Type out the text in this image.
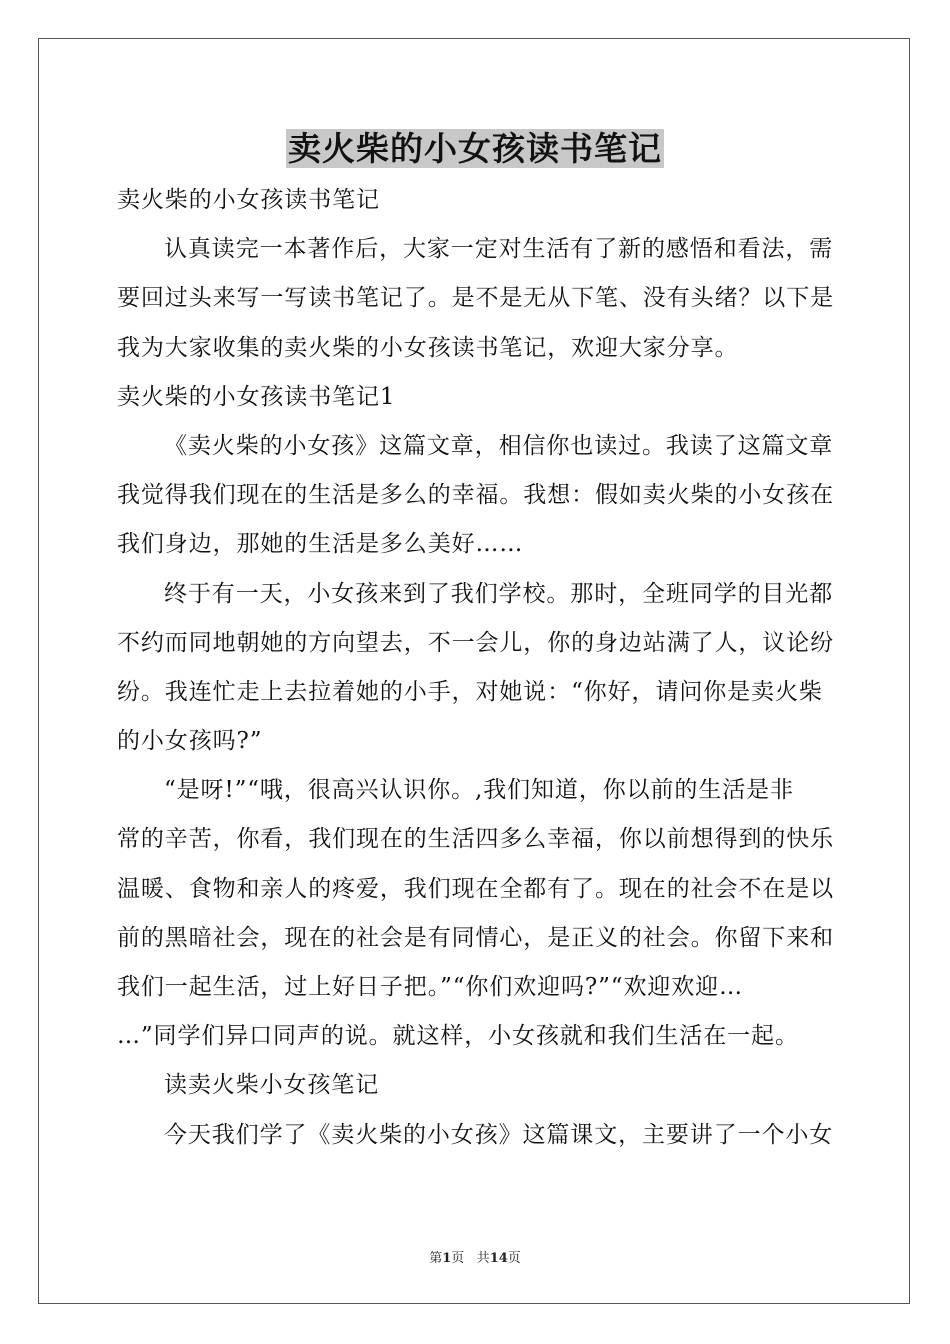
卖火柴的小女孩读书笔记
卖火柴的小女孩读书笔记
认真读完一本著作后，大家一定对生活有了新的感悟和看法，需
要回过头来写一写读书笔记了。是不是无从下笔、没有头绪？以下是
我为大家收集的卖火柴的小女孩读书笔记，欢迎大家分享。
卖火柴的小女孩读书笔记1
《卖火柴的小女孩》这篇文章，相信你也读过。我读了这篇文章
我觉得我们现在的生活是多么的幸福。我想：假如卖火柴的小女孩在
我们身边，那她的生活是多么美好……
终于有一天，小女孩来到了我们学校。那时，全班同学的目光都
不约而同地朝她的方向望去，不一会儿，你的身边站满了人，议论纷
纷。我连忙走上去拉着她的小手，对她说：“你好，请问你是卖火柴
的小女孩吗?”
“是呀!”“哦，很高兴认识你。,我们知道，你以前的生活是非
常的辛苦，你看，我们现在的生活四多么幸福，你以前想得到的快乐
温暖、食物和亲人的疼爱，我们现在全都有了。现在的社会不在是以
前的黑暗社会，现在的社会是有同情心，是正义的社会。你留下来和
我们一起生活，过上好日子把。”“你们欢迎吗?”“欢迎欢迎…
…”同学们异口同声的说。就这样，小女孩就和我们生活在一起。
读卖火柴小女孩笔记
今天我们学了《卖火柴的小女孩》这篇课文，主要讲了一个小女
第1页 共14页
